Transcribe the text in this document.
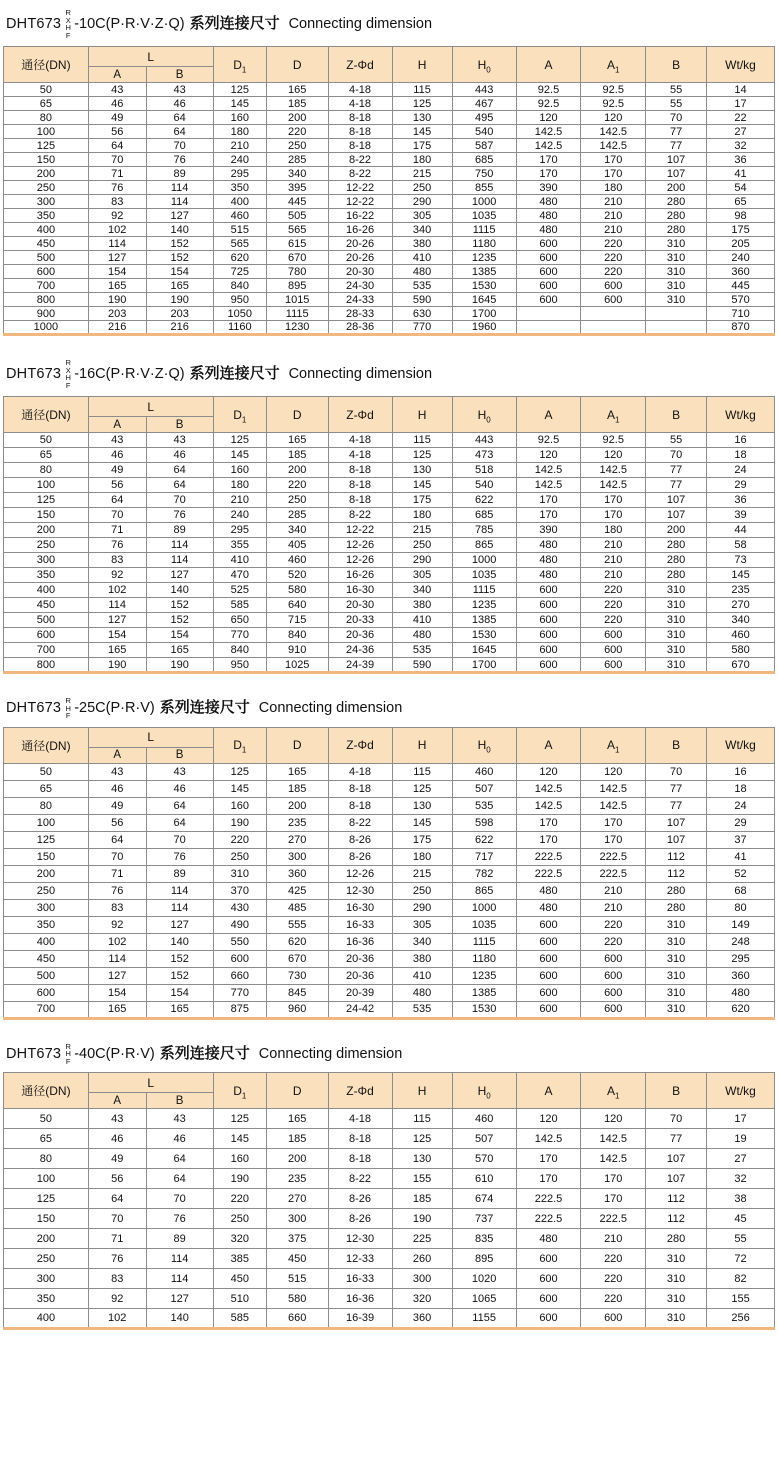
DHT673
R
X
H
F
-10C(P·R·V·Z·Q) 系列连接尺寸 Connecting dimension
通径(DN)	L		$D_1$	D	Z-Φd	H	$H_0$	A	$A_1$	B	Wt/kg
	A	B									
50	43	43	125	165	4-18	115	443	92.5	92.5	55	14
65	46	46	145	185	4-18	125	467	92.5	92.5	55	17
80	49	64	160	200	8-18	130	495	120	120	70	22
100	56	64	180	220	8-18	145	540	142.5	142.5	77	27
125	64	70	210	250	8-18	175	587	142.5	142.5	77	32
150	70	76	240	285	8-22	180	685	170	170	107	36
200	71	89	295	340	8-22	215	750	170	170	107	41
250	76	114	350	395	12-22	250	855	390	180	200	54
300	83	114	400	445	12-22	290	1000	480	210	280	65
350	92	127	460	505	16-22	305	1035	480	210	280	98
400	102	140	515	565	16-26	340	1115	480	210	280	175
450	114	152	565	615	20-26	380	1180	600	220	310	205
500	127	152	620	670	20-26	410	1235	600	220	310	240
600	154	154	725	780	20-30	480	1385	600	220	310	360
700	165	165	840	895	24-30	535	1530	600	600	310	445
800	190	190	950	1015	24-33	590	1645	600	600	310	570
900	203	203	1050	1115	28-33	630	1700				710
1000	216	216	1160	1230	28-36	770	1960				870
DHT673
R
X
H
F
-16C(P·R·V·Z·Q) 系列连接尺寸 Connecting dimension
通径(DN)	L		$D_1$	D	Z-Φd	H	$H_0$	A	$A_1$	B	Wt/kg
	A	B									
50	43	43	125	165	4-18	115	443	92.5	92.5	55	16
65	46	46	145	185	4-18	125	473	120	120	70	18
80	49	64	160	200	8-18	130	518	142.5	142.5	77	24
100	56	64	180	220	8-18	145	540	142.5	142.5	77	29
125	64	70	210	250	8-18	175	622	170	170	107	36
150	70	76	240	285	8-22	180	685	170	170	107	39
200	71	89	295	340	12-22	215	785	390	180	200	44
250	76	114	355	405	12-26	250	865	480	210	280	58
300	83	114	410	460	12-26	290	1000	480	210	280	73
350	92	127	470	520	16-26	305	1035	480	210	280	145
400	102	140	525	580	16-30	340	1115	600	220	310	235
450	114	152	585	640	20-30	380	1235	600	220	310	270
500	127	152	650	715	20-33	410	1385	600	220	310	340
600	154	154	770	840	20-36	480	1530	600	600	310	460
700	165	165	840	910	24-36	535	1645	600	600	310	580
800	190	190	950	1025	24-39	590	1700	600	600	310	670
DHT673 R
H
F -25C(P·R·V) 系列连接尺寸 Connecting dimension
通径(DN)	L		$D_1$	D	Z-Φd	H	$H_0$	A	$A_1$	B	Wt/kg
	A	B									
50	43	43	125	165	4-18	115	460	120	120	70	16
65	46	46	145	185	8-18	125	507	142.5	142.5	77	18
80	49	64	160	200	8-18	130	535	142.5	142.5	77	24
100	56	64	190	235	8-22	145	598	170	170	107	29
125	64	70	220	270	8-26	175	622	170	170	107	37
150	70	76	250	300	8-26	180	717	222.5	222.5	112	41
200	71	89	310	360	12-26	215	782	222.5	222.5	112	52
250	76	114	370	425	12-30	250	865	480	210	280	68
300	83	114	430	485	16-30	290	1000	480	210	280	80
350	92	127	490	555	16-33	305	1035	600	220	310	149
400	102	140	550	620	16-36	340	1115	600	220	310	248
450	114	152	600	670	20-36	380	1180	600	600	310	295
500	127	152	660	730	20-36	410	1235	600	600	310	360
600	154	154	770	845	20-39	480	1385	600	600	310	480
700	165	165	875	960	24-42	535	1530	600	600	310	620
DHT673 R
H
F -40C(P·R·V) 系列连接尺寸 Connecting dimension
通径(DN)	L		$D_1$	D	Z-Φd	H	$H_0$	A	$A_1$	B	Wt/kg
	A	B									
50	43	43	125	165	4-18	115	460	120	120	70	17
65	46	46	145	185	8-18	125	507	142.5	142.5	77	19
80	49	64	160	200	8-18	130	570	170	142.5	107	27
100	56	64	190	235	8-22	155	610	170	170	107	32
125	64	70	220	270	8-26	185	674	222.5	170	112	38
150	70	76	250	300	8-26	190	737	222.5	222.5	112	45
200	71	89	320	375	12-30	225	835	480	210	280	55
250	76	114	385	450	12-33	260	895	600	220	310	72
300	83	114	450	515	16-33	300	1020	600	220	310	82
350	92	127	510	580	16-36	320	1065	600	220	310	155
400	102	140	585	660	16-39	360	1155	600	600	310	256
